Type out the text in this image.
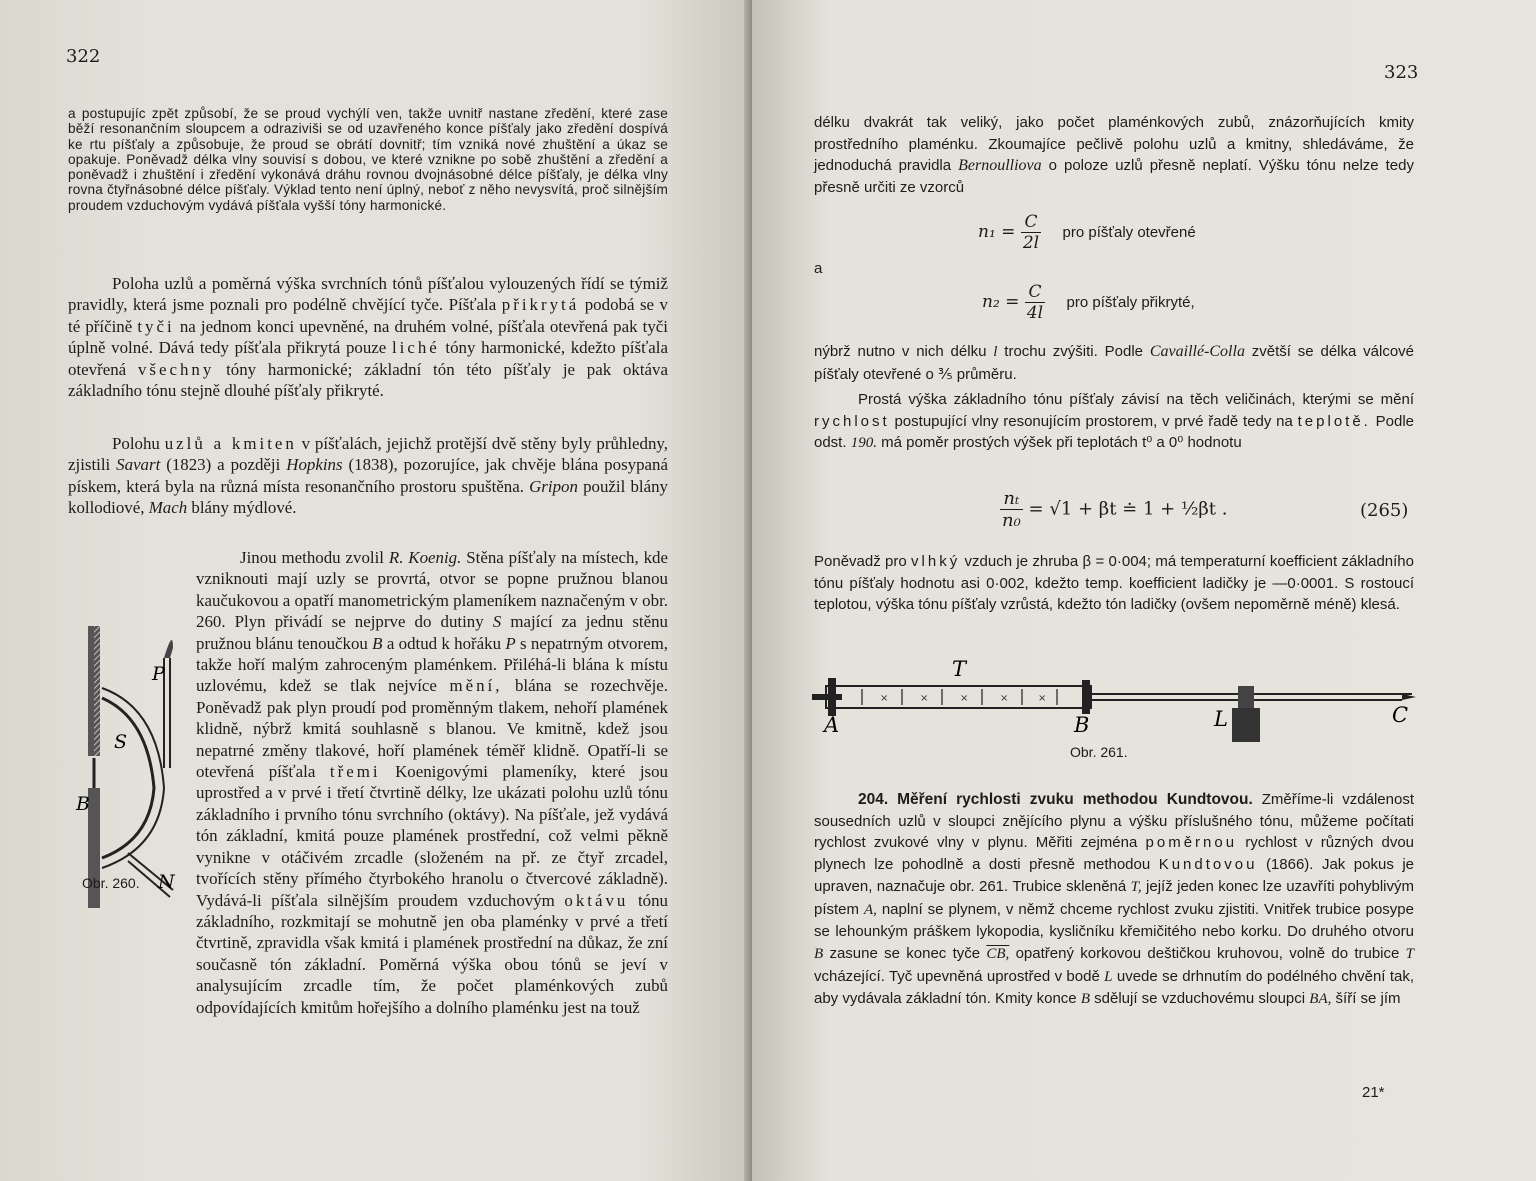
322

a postupujíc zpět způsobí, že se proud vychýlí ven, takže uvnitř nastane zředění, které zase běží resonančním sloupcem a odraziviši se od uzavřeného konce píšťaly jako zředění dospívá ke rtu píšťaly a způsobuje, že proud se obrátí dovnitř; tím vzniká nové zhuštění a úkaz se opakuje. Poněvadž délka vlny souvisí s dobou, ve které vznikne po sobě zhuštění a zředění a poněvadž i zhuštění i zředění vykonává dráhu rovnou dvojnásobné délce píšťaly, je délka vlny rovna čtyřnásobné délce píšťaly. Výklad tento není úplný, neboť z něho nevysvítá, proč silnějším proudem vzduchovým vydává píšťala vyšší tóny harmonické.

Poloha uzlů a poměrná výška svrchních tónů píšťalou vylouzených řídí se týmiž pravidly, která jsme poznali pro podélně chvějící tyče. Píšťala přikrytá podobá se v té příčině tyči na jednom konci upevněné, na druhém volné, píšťala otevřená pak tyči úplně volné. Dává tedy píšťala přikrytá pouze liché tóny harmonické, kdežto píšťala otevřená všechny tóny harmonické; základní tón této píšťaly je pak oktáva základního tónu stejně dlouhé píšťaly přikryté.

Polohu uzlů a kmiten v píšťalách, jejichž protější dvě stěny byly průhledny, zjistili Savart (1823) a později Hopkins (1838), pozorujíce, jak chvěje blána posypaná pískem, která byla na různá místa resonančního prostoru spuštěna. Gripon použil blány kollodiové, Mach blány mýdlové.

P
S
B
N
Obr. 260.

Jinou methodu zvolil R. Koenig. Stěna píšťaly na místech, kde vzniknouti mají uzly se provrtá, otvor se popne pružnou blanou kaučukovou a opatří manometrickým plameníkem naznačeným v obr. 260. Plyn přivádí se nejprve do dutiny S mající za jednu stěnu pružnou blánu tenoučkou B a odtud k hořáku P s nepatrným otvorem, takže hoří malým zahroceným plaménkem. Přiléhá-li blána k místu uzlovému, kdež se tlak nejvíce mění, blána se rozechvěje. Poněvadž pak plyn proudí pod proměnným tlakem, nehoří plamének klidně, nýbrž kmitá souhlasně s blanou. Ve kmitně, kdež jsou nepatrné změny tlakové, hoří plamének téměř klidně. Opatří-li se otevřená píšťala třemi Koenigovými plameníky, které jsou uprostřed a v prvé i třetí čtvrtině délky, lze ukázati polohu uzlů tónu základního i prvního tónu svrchního (oktávy). Na píšťale, jež vydává tón základní, kmitá pouze plamének prostřední, což velmi pěkně vynikne v otáčivém zrcadle (složeném na př. ze čtyř zrcadel, tvořících stěny přímého čtyrbokého hranolu o čtvercové základně). Vydává-li píšťala silnějším proudem vzduchovým oktávu tónu základního, rozkmitají se mohutně jen oba plaménky v prvé a třetí čtvrtině, zpravidla však kmitá i plamének prostřední na důkaz, že zní současně tón základní. Poměrná výška obou tónů se jeví v analysujícím zrcadle tím, že počet plaménkových zubů odpovídajících kmitům hořejšího a dolního plaménku jest na touž

323

délku dvakrát tak veliký, jako počet plaménkových zubů, znázorňujících kmity prostředního plaménku. Zkoumajíce pečlivě polohu uzlů a kmitny, shledáváme, že jednoduchá pravidla Bernoulliova o poloze uzlů přesně neplatí. Výšku tónu nelze tedy přesně určiti ze vzorců

$n_1 = \frac{C}{2l}$ pro píšťaly otevřené
a
$n_2 = \frac{C}{4l}$ pro píšťaly přikryté,

nýbrž nutno v nich délku l trochu zvýšiti. Podle Cavaillé-Colla zvětší se délka válcové píšťaly otevřené o ⅗ průměru.

Prostá výška základního tónu píšťaly závisí na těch veličinách, kterými se mění rychlost postupující vlny resonujícím prostorem, v prvé řadě tedy na teplotě. Podle odst. 190. má poměr prostých výšek při teplotách t⁰ a 0⁰ hodnotu

$\frac{\text{nₜ}}{\text{n₀}} = √1 + \beta t$ ≐ 1 + ½βt .	(265)

Poněvadž pro vlhký vzduch je zhruba β = 0·004; má temperaturní koefficient základního tónu píšťaly hodnotu asi 0·002, kdežto temp. koefficient ladičky je —0·0001. S rostoucí teplotou, výška tónu píšťaly vzrůstá, kdežto tón ladičky (ovšem nepoměrně méně) klesá.

×	×	×	×	×
T
A	B	L	C
Obr. 261.

204. Měření rychlosti zvuku methodou Kundtovou. Změříme-li vzdálenost sousedních uzlů v sloupci znějícího plynu a výšku příslušného tónu, můžeme počítati rychlost zvukové vlny v plynu. Měřiti zejména poměrnou rychlost v různých dvou plynech lze pohodlně a dosti přesně methodou Kundtovou (1866). Jak pokus je upraven, naznačuje obr. 261. Trubice skleněná T, jejíž jeden konec lze uzavříti pohyblivým pístem A, naplní se plynem, v němž chceme rychlost zvuku zjistiti. Vnitřek trubice posype se lehounkým práškem lykopodia, kysličníku křemičitého nebo korku. Do druhého otvoru B zasune se konec tyče CB, opatřený korkovou deštičkou kruhovou, volně do trubice T vcházející. Tyč upevněná uprostřed v bodě L uvede se drhnutím do podélného chvění tak, aby vydávala základní tón. Kmity konce B sdělují se vzduchovému sloupci BA, šíří se jím

21*
